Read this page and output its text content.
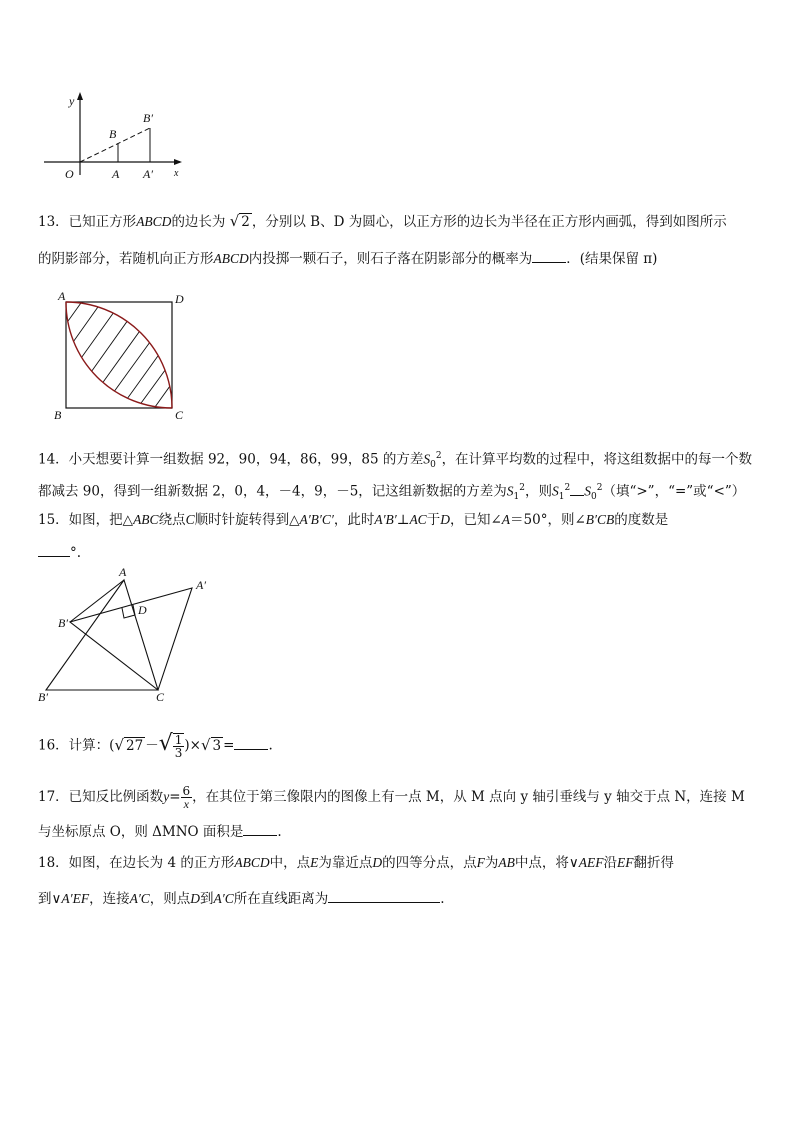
y
x
O	A A′
B
B′
13．已知正方形ABCD的边长为 √ 2 ，分别以 B、D 为圆心，以正方形的边长为半径在正方形内画弧，得到如图所示
的阴影部分，若随机向正方形ABCD内投掷一颗石子，则石子落在阴影部分的概率为	．(结果保留 π)
A
B	C
D
14．小天想要计算一组数据 92，90，94，86，99，85 的方差$S_0^2$，在计算平均数的过程中，将这组数据中的每一个数
都减去 90，得到一组新数据 2，0，4，－4，9，－5，记这组新数据的方差为$S_1^2$，则$S_1^2$ $S_0^2$（填“>”，“=”或“<”）
15．如图，把△ABC绕点C顺时针旋转得到△A′B′C′，此时A′B′⊥AC于D，已知∠A＝50°，则∠B′CB的度数是
°.
A
A′
B′
D
B′	C
16．计算：(√ 27 －√ $\frac{1}{3}$ )×√ 3 =	.
17．已知反比例函数$y= \frac{6}{x}$ ，在其位于第三像限内的图像上有一点 M，从 M 点向 y 轴引垂线与 y 轴交于点 N，连接 M
与坐标原点 O，则 ΔMNO 面积是	.
18．如图，在边长为 4 的正方形ABCD中，点E为靠近点D的四等分点，点F为AB中点，将∨AEF沿EF翻折得
到∨A′EF，连接A′C，则点D到A′C所在直线距离为	.
